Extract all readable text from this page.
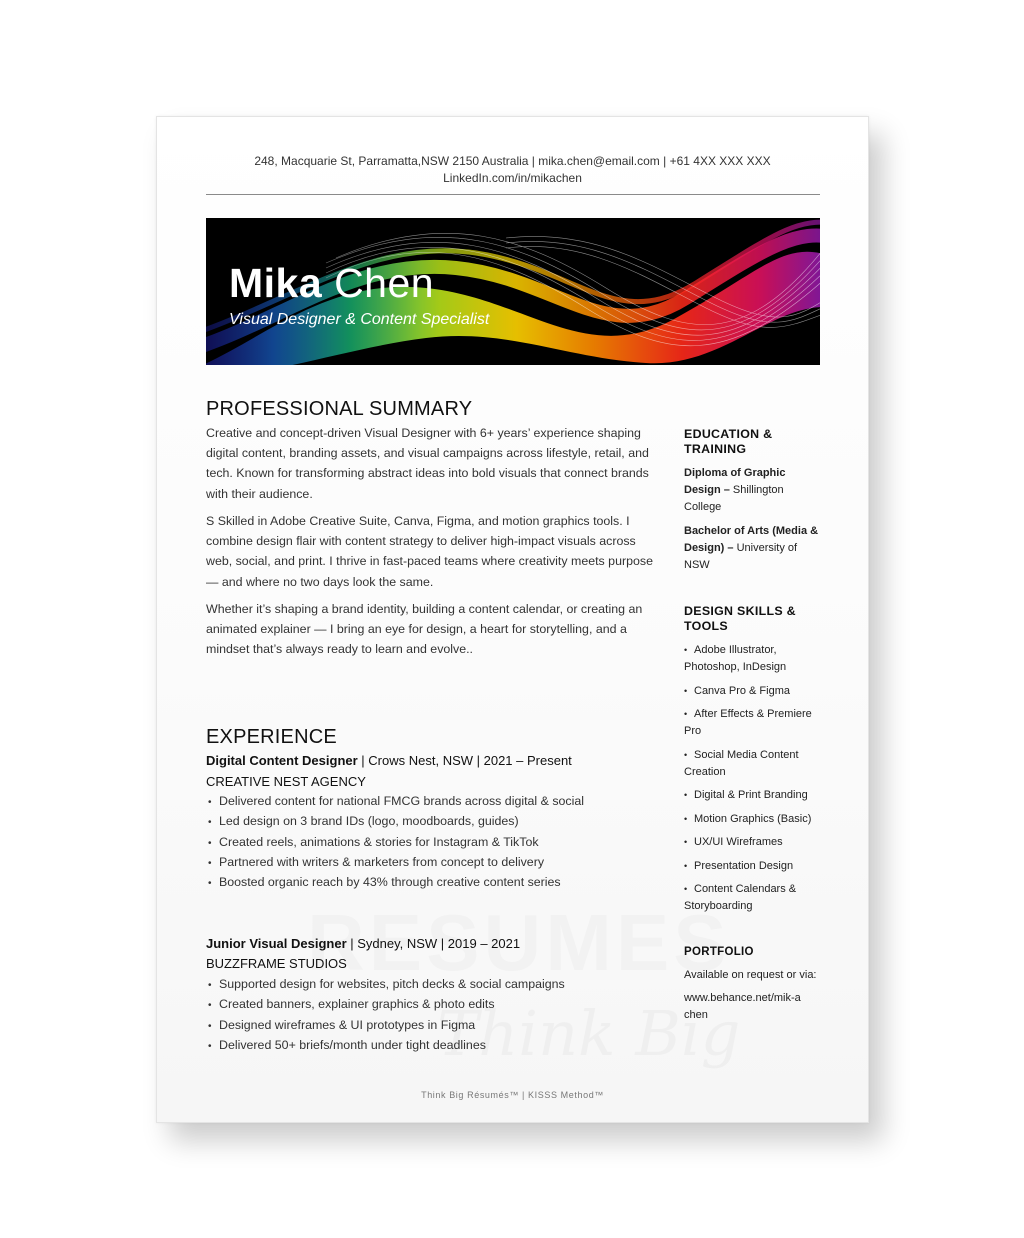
248, Macquarie St, Parramatta,NSW 2150 Australia | mika.chen@email.com | +61 4XX XXX XXX
LinkedIn.com/in/mikachen
Mika Chen
Visual Designer & Content Specialist
PROFESSIONAL SUMMARY
Creative and concept-driven Visual Designer with 6+ years’ experience shaping digital content, branding assets, and visual campaigns across lifestyle, retail, and tech. Known for transforming abstract ideas into bold visuals that connect brands with their audience.
S Skilled in Adobe Creative Suite, Canva, Figma, and motion graphics tools. I combine design flair with content strategy to deliver high-impact visuals across web, social, and print. I thrive in fast-paced teams where creativity meets purpose — and where no two days look the same.
Whether it’s shaping a brand identity, building a content calendar, or creating an animated explainer — I bring an eye for design, a heart for storytelling, and a mindset that’s always ready to learn and evolve..
EXPERIENCE
Digital Content Designer | Crows Nest, NSW | 2021 – Present
CREATIVE NEST AGENCY
• Delivered content for national FMCG brands across digital & social
• Led design on 3 brand IDs (logo, moodboards, guides)
• Created reels, animations & stories for Instagram & TikTok
• Partnered with writers & marketers from concept to delivery
• Boosted organic reach by 43% through creative content series
Junior Visual Designer | Sydney, NSW | 2019 – 2021
BUZZFRAME STUDIOS
• Supported design for websites, pitch decks & social campaigns
• Created banners, explainer graphics & photo edits
• Designed wireframes & UI prototypes in Figma
• Delivered 50+ briefs/month under tight deadlines
EDUCATION & TRAINING
Diploma of Graphic Design – Shillington College
Bachelor of Arts (Media & Design) – University of NSW
DESIGN SKILLS & TOOLS
• Adobe Illustrator, Photoshop, InDesign
• Canva Pro & Figma
• After Effects & Premiere Pro
• Social Media Content Creation
• Digital & Print Branding
• Motion Graphics (Basic)
• UX/UI Wireframes
• Presentation Design
• Content Calendars & Storyboarding
PORTFOLIO
Available on request or via:
www.behance.net/mik-achen
Think Big Résumés™ | KISSS Method™
